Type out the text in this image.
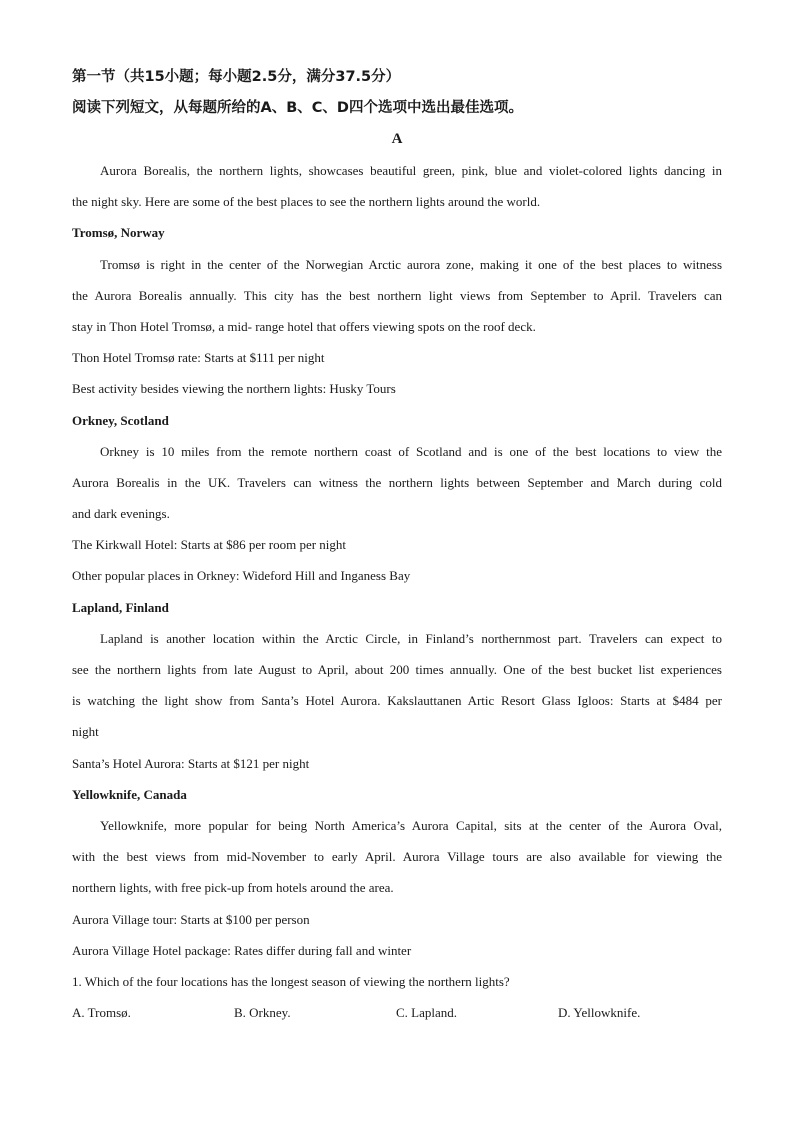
第一节（共15小题；每小题2.5分，满分37.5分）
阅读下列短文，从每题所给的A、B、C、D四个选项中选出最佳选项。
A
Aurora Borealis, the northern lights, showcases beautiful green, pink, blue and violet-colored lights dancing in
the night sky. Here are some of the best places to see the northern lights around the world.
Tromsø, Norway
Tromsø is right in the center of the Norwegian Arctic aurora zone, making it one of the best places to witness
the Aurora Borealis annually. This city has the best northern light views from September to April. Travelers can
stay in Thon Hotel Tromsø, a mid- range hotel that offers viewing spots on the roof deck.
Thon Hotel Tromsø rate: Starts at $111 per night
Best activity besides viewing the northern lights: Husky Tours
Orkney, Scotland
Orkney is 10 miles from the remote northern coast of Scotland and is one of the best locations to view the
Aurora Borealis in the UK. Travelers can witness the northern lights between September and March during cold
and dark evenings.
The Kirkwall Hotel: Starts at $86 per room per night
Other popular places in Orkney: Wideford Hill and Inganess Bay
Lapland, Finland
Lapland is another location within the Arctic Circle, in Finland’s northernmost part. Travelers can expect to
see the northern lights from late August to April, about 200 times annually. One of the best bucket list experiences
is watching the light show from Santa’s Hotel Aurora. Kakslauttanen Artic Resort Glass Igloos: Starts at $484 per
night
Santa’s Hotel Aurora: Starts at $121 per night
Yellowknife, Canada
Yellowknife, more popular for being North America’s Aurora Capital, sits at the center of the Aurora Oval,
with the best views from mid-November to early April. Aurora Village tours are also available for viewing the
northern lights, with free pick-up from hotels around the area.
Aurora Village tour: Starts at $100 per person
Aurora Village Hotel package: Rates differ during fall and winter
1. Which of the four locations has the longest season of viewing the northern lights?
A. Tromsø.	B. Orkney.	C. Lapland.	D. Yellowknife.
